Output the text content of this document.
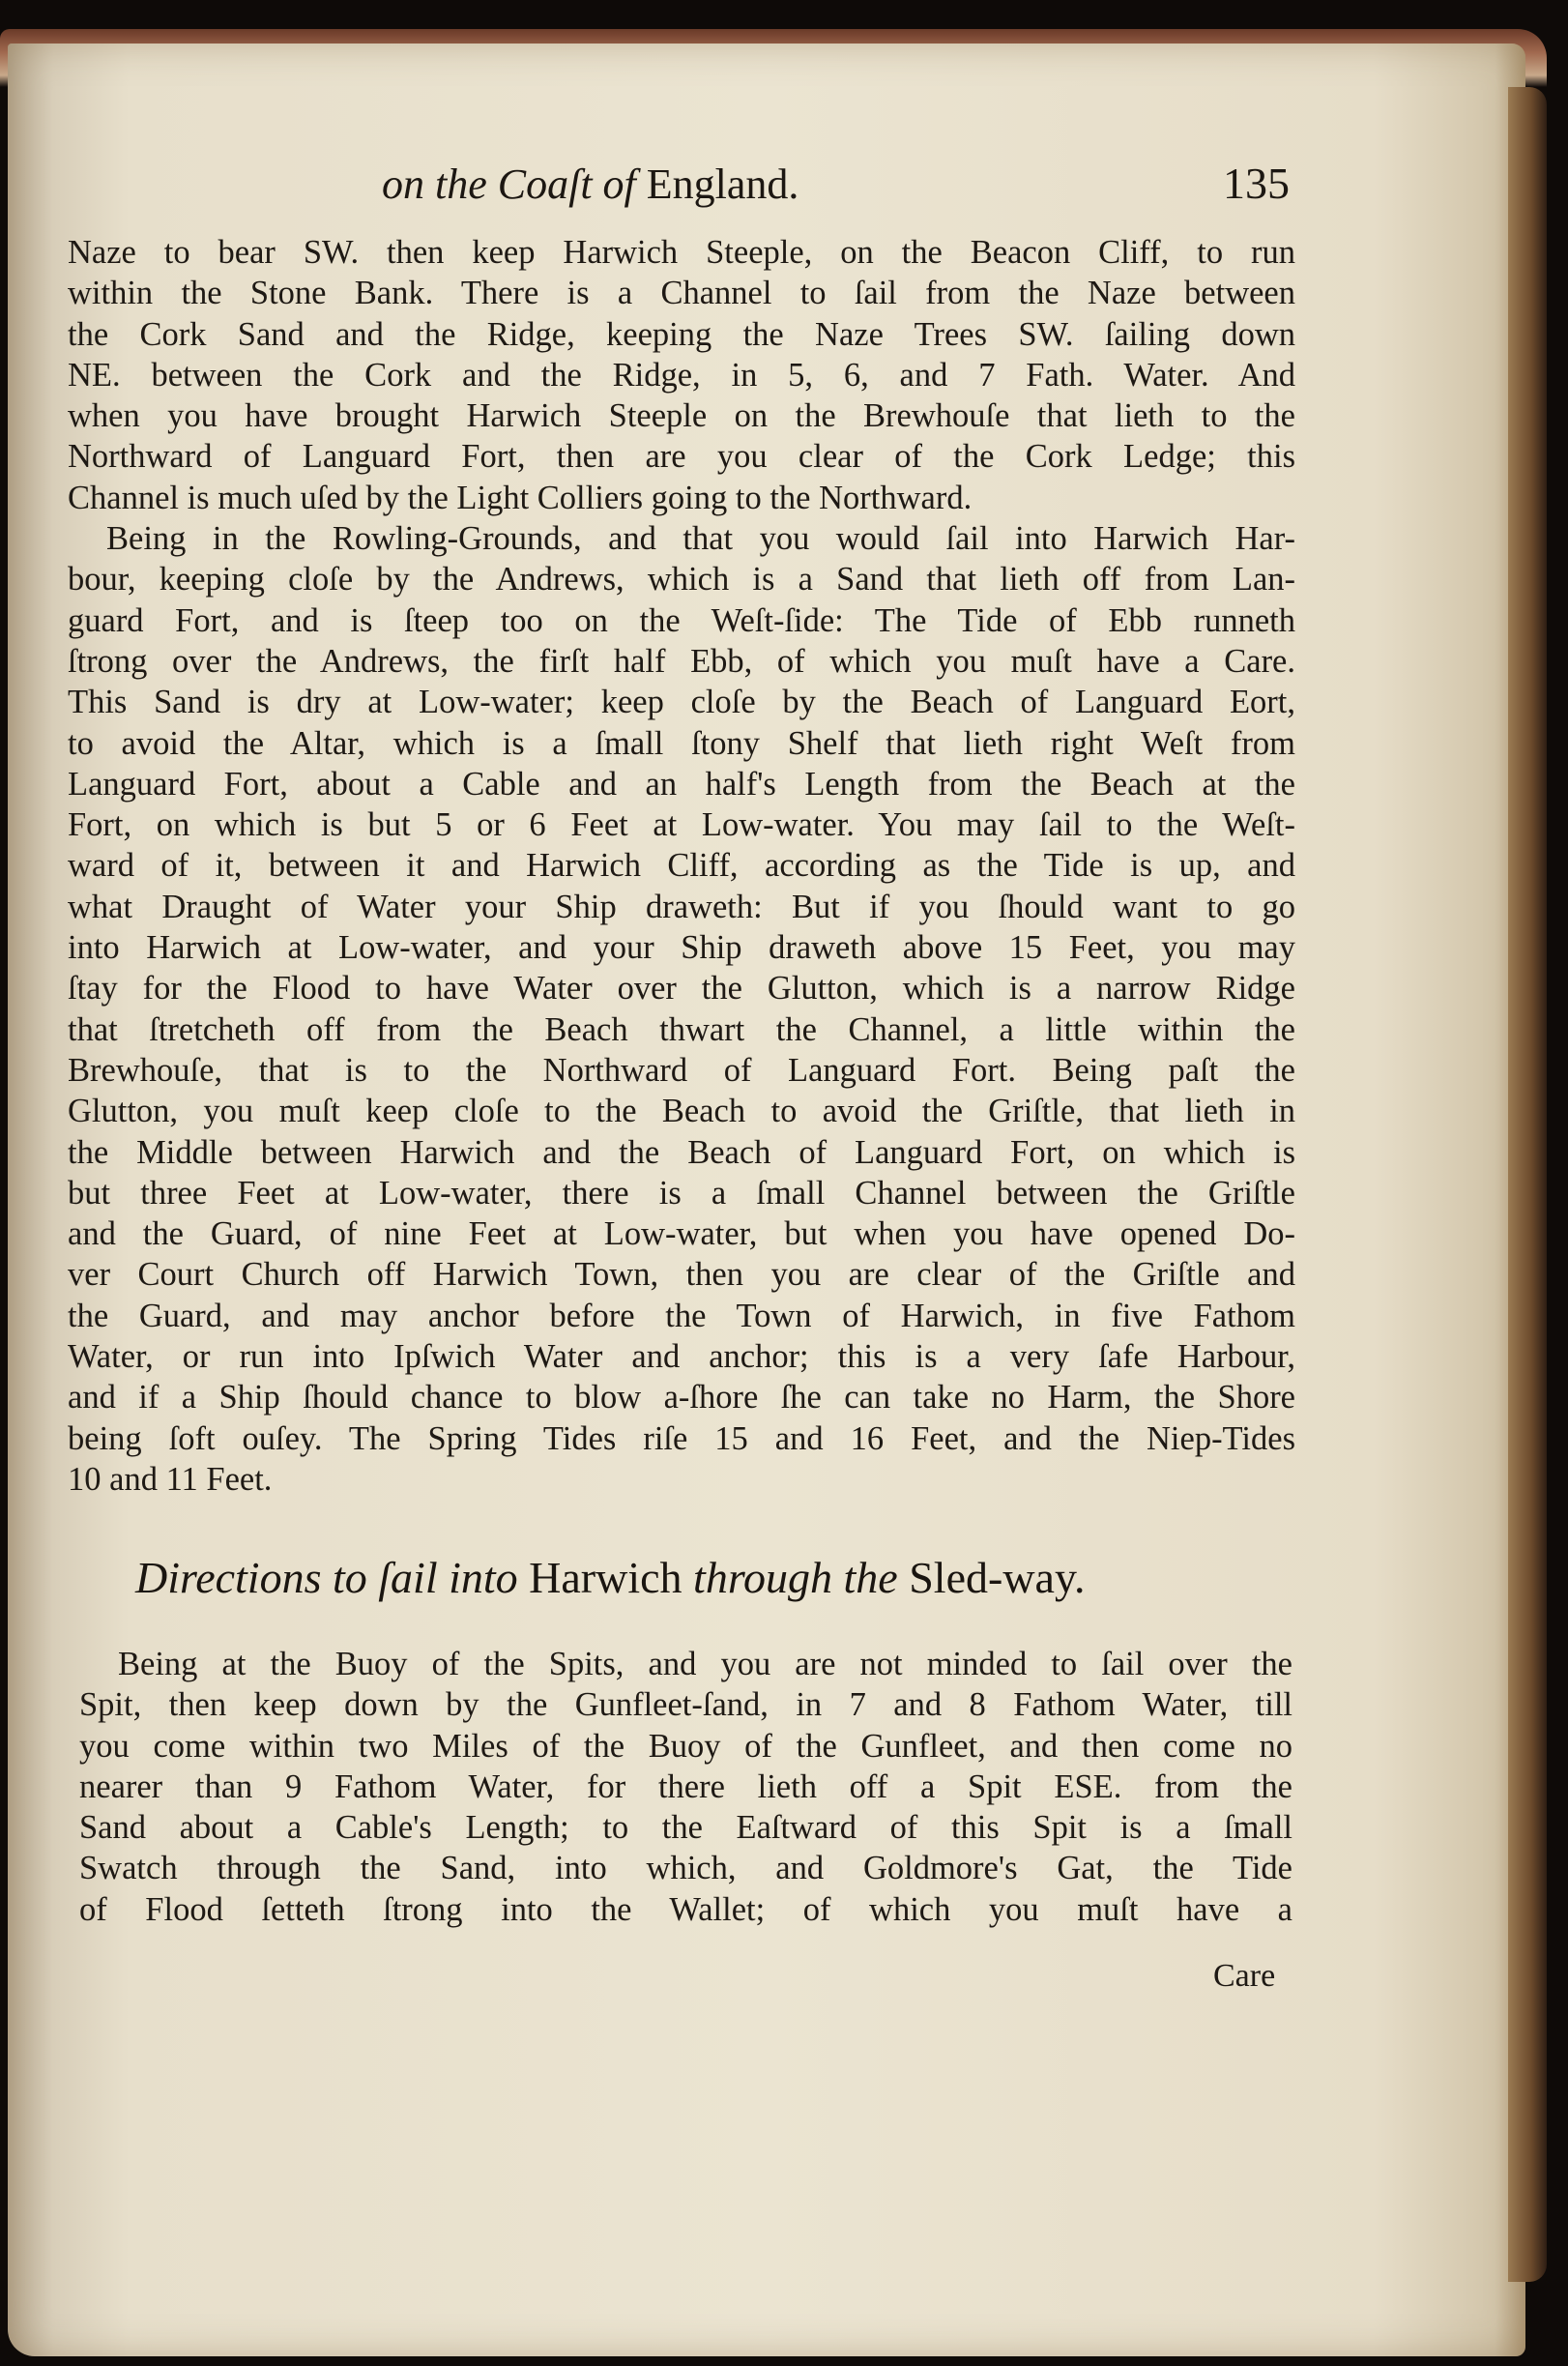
on the Coaſt of England.	135

Naze to bear SW. then keep Harwich Steeple, on the Beacon Cliff, to run
within the Stone Bank. There is a Channel to ſail from the Naze between
the Cork Sand and the Ridge, keeping the Naze Trees SW. ſailing down
NE. between the Cork and the Ridge, in 5, 6, and 7 Fath. Water. And
when you have brought Harwich Steeple on the Brewhouſe that lieth to the
Northward of Languard Fort, then are you clear of the Cork Ledge; this
Channel is much uſed by the Light Colliers going to the Northward.

Being in the Rowling-Grounds, and that you would ſail into Harwich Har-
bour, keeping cloſe by the Andrews, which is a Sand that lieth off from Lan-
guard Fort, and is ſteep too on the Weſt-ſide: The Tide of Ebb runneth
ſtrong over the Andrews, the firſt half Ebb, of which you muſt have a Care.
This Sand is dry at Low-water; keep cloſe by the Beach of Languard Eort,
to avoid the Altar, which is a ſmall ſtony Shelf that lieth right Weſt from
Languard Fort, about a Cable and an half's Length from the Beach at the
Fort, on which is but 5 or 6 Feet at Low-water. You may ſail to the Weſt-
ward of it, between it and Harwich Cliff, according as the Tide is up, and
what Draught of Water your Ship draweth: But if you ſhould want to go
into Harwich at Low-water, and your Ship draweth above 15 Feet, you may
ſtay for the Flood to have Water over the Glutton, which is a narrow Ridge
that ſtretcheth off from the Beach thwart the Channel, a little within the
Brewhouſe, that is to the Northward of Languard Fort. Being paſt the
Glutton, you muſt keep cloſe to the Beach to avoid the Griſtle, that lieth in
the Middle between Harwich and the Beach of Languard Fort, on which is
but three Feet at Low-water, there is a ſmall Channel between the Griſtle
and the Guard, of nine Feet at Low-water, but when you have opened Do-
ver Court Church off Harwich Town, then you are clear of the Griſtle and
the Guard, and may anchor before the Town of Harwich, in five Fathom
Water, or run into Ipſwich Water and anchor; this is a very ſafe Harbour,
and if a Ship ſhould chance to blow a-ſhore ſhe can take no Harm, the Shore
being ſoft ouſey. The Spring Tides riſe 15 and 16 Feet, and the Niep-Tides
10 and 11 Feet.

Directions to ſail into Harwich through the Sled-way.
Being at the Buoy of the Spits, and you are not minded to ſail over the
Spit, then keep down by the Gunfleet-ſand, in 7 and 8 Fathom Water, till
you come within two Miles of the Buoy of the Gunfleet, and then come no
nearer than 9 Fathom Water, for there lieth off a Spit ESE. from the
Sand about a Cable's Length; to the Eaſtward of this Spit is a ſmall
Swatch through the Sand, into which, and Goldmore's Gat, the Tide
of Flood ſetteth ſtrong into the Wallet; of which you muſt have a
Care
